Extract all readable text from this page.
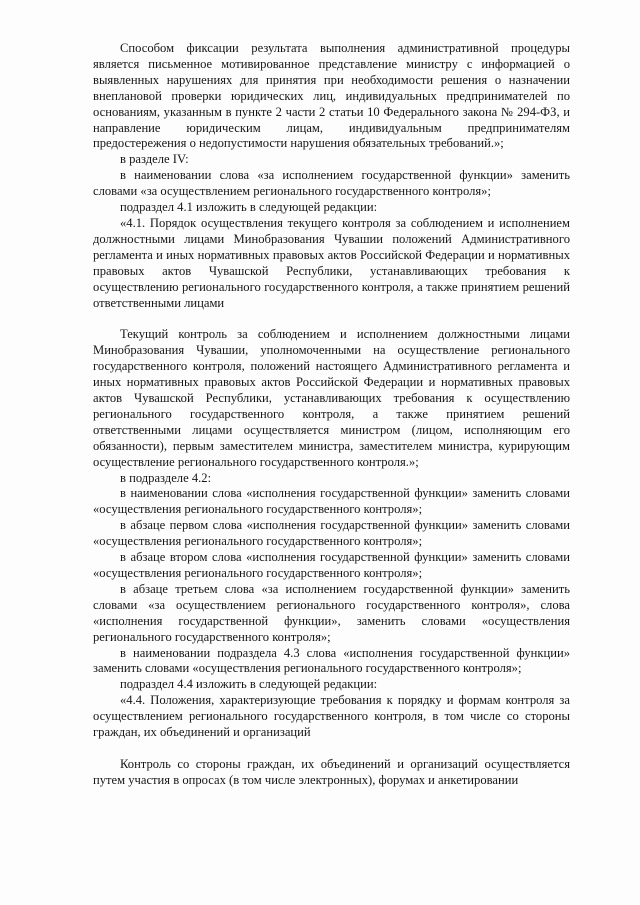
Способом фиксации результата выполнения административной процедуры является письменное мотивированное представление министру с информацией о выявленных нарушениях для принятия при необходимости решения о назначении внеплановой проверки юридических лиц, индивидуальных предпринимателей по основаниям, указанным в пункте 2 части 2 статьи 10 Федерального закона № 294-ФЗ, и направление юридическим лицам, индивидуальным предпринимателям предостережения о недопустимости нарушения обязательных требований.»;

в разделе IV:

в наименовании слова «за исполнением государственной функции» заменить словами «за осуществлением регионального государственного контроля»;

подраздел 4.1 изложить в следующей редакции:

«4.1. Порядок осуществления текущего контроля за соблюдением и исполнением должностными лицами Минобразования Чувашии положений Административного регламента и иных нормативных правовых актов Российской Федерации и нормативных правовых актов Чувашской Республики, устанавливающих требования к осуществлению регионального государственного контроля, а также принятием решений ответственными лицами

Текущий контроль за соблюдением и исполнением должностными лицами Минобразования Чувашии, уполномоченными на осуществление регионального государственного контроля, положений настоящего Административного регламента и иных нормативных правовых актов Российской Федерации и нормативных правовых актов Чувашской Республики, устанавливающих требования к осуществлению регионального государственного контроля, а также принятием решений ответственными лицами осуществляется министром (лицом, исполняющим его обязанности), первым заместителем министра, заместителем министра, курирующим осуществление регионального государственного контроля.»;

в подразделе 4.2:

в наименовании слова «исполнения государственной функции» заменить словами «осуществления регионального государственного контроля»;

в абзаце первом слова «исполнения государственной функции» заменить словами «осуществления регионального государственного контроля»;

в абзаце втором слова «исполнения государственной функции» заменить словами «осуществления регионального государственного контроля»;

в абзаце третьем слова «за исполнением государственной функции» заменить словами «за осуществлением регионального государственного контроля», слова «исполнения государственной функции», заменить словами «осуществления регионального государственного контроля»;

в наименовании подраздела 4.3 слова «исполнения государственной функции» заменить словами «осуществления регионального государственного контроля»;

подраздел 4.4 изложить в следующей редакции:

«4.4. Положения, характеризующие требования к порядку и формам контроля за осуществлением регионального государственного контроля, в том числе со стороны граждан, их объединений и организаций

Контроль со стороны граждан, их объединений и организаций осуществляется путем участия в опросах (в том числе электронных), форумах и анкетировании
